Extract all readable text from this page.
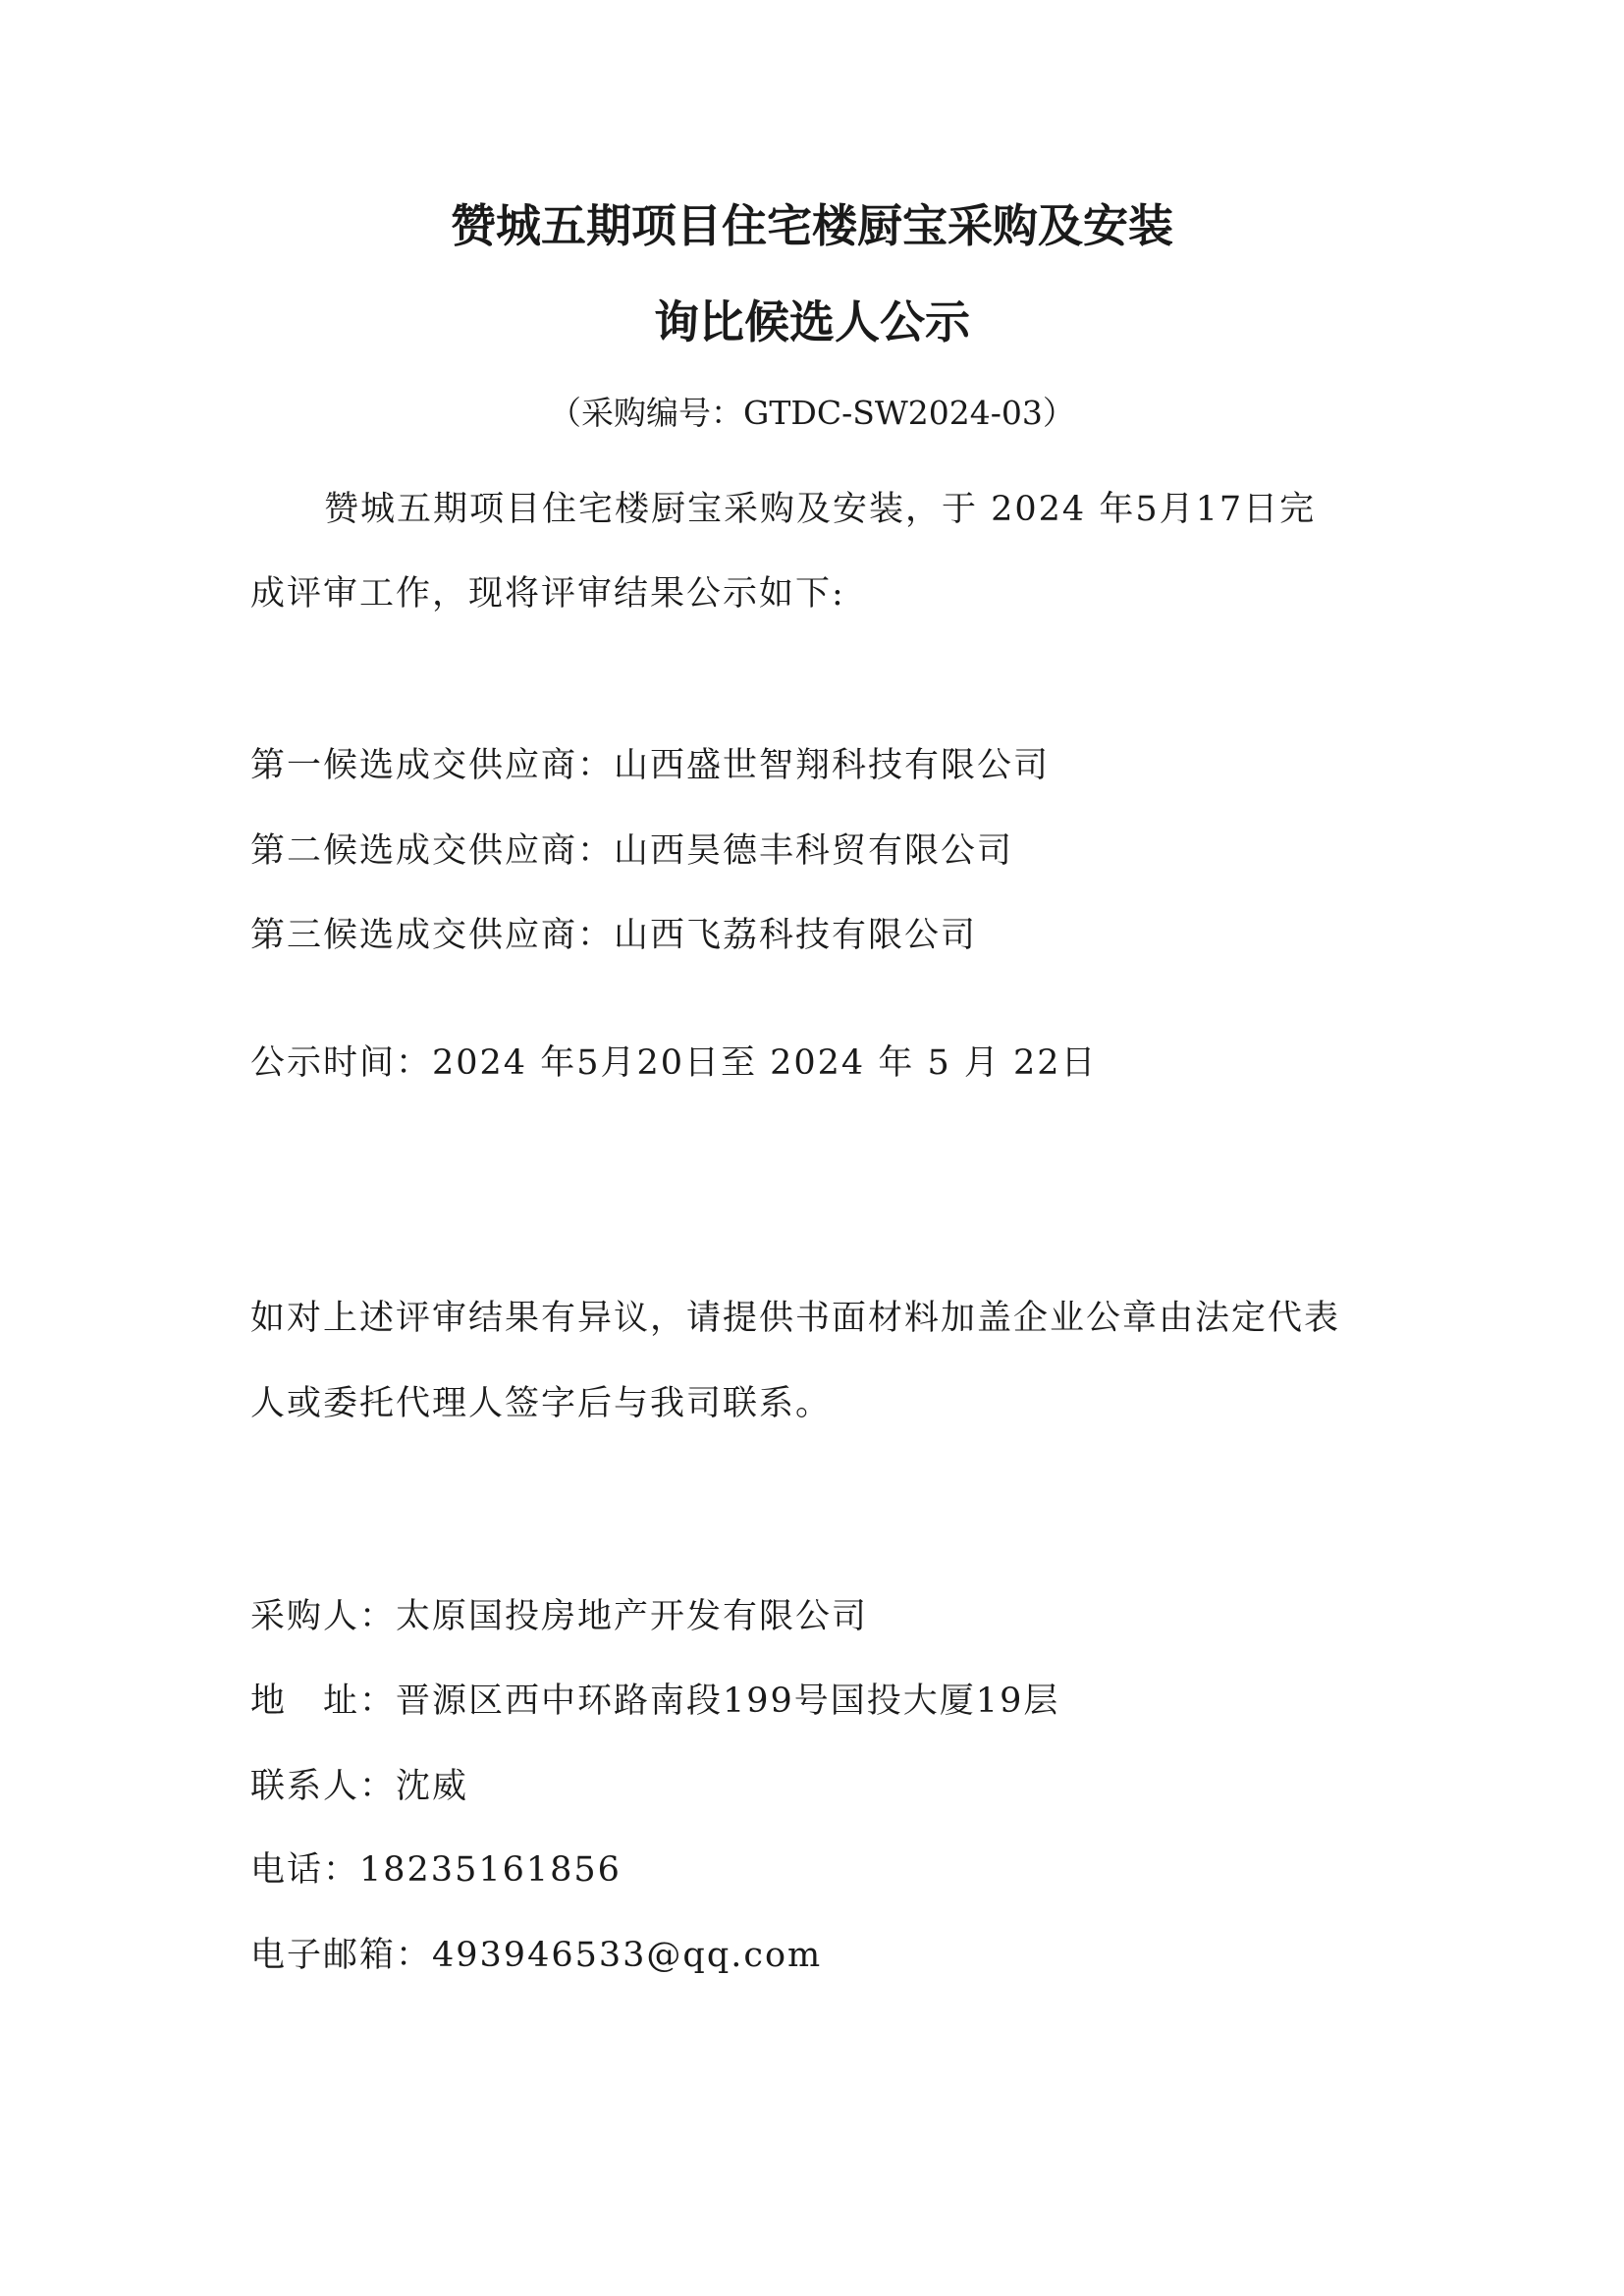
赞城五期项目住宅楼厨宝采购及安装
询比候选人公示

（采购编号：GTDC-SW2024-03）

赞城五期项目住宅楼厨宝采购及安装，于 2024 年5月17日完

成评审工作，现将评审结果公示如下:

第一候选成交供应商：山西盛世智翔科技有限公司

第二候选成交供应商：山西昊德丰科贸有限公司

第三候选成交供应商：山西飞荔科技有限公司

公示时间：2024 年5月20日至 2024 年 5 月 22日

如对上述评审结果有异议，请提供书面材料加盖企业公章由法定代表

人或委托代理人签字后与我司联系。

采购人：太原国投房地产开发有限公司

地　址：晋源区西中环路南段199号国投大厦19层

联系人：沈威

电话：18235161856

电子邮箱：493946533@qq.com
